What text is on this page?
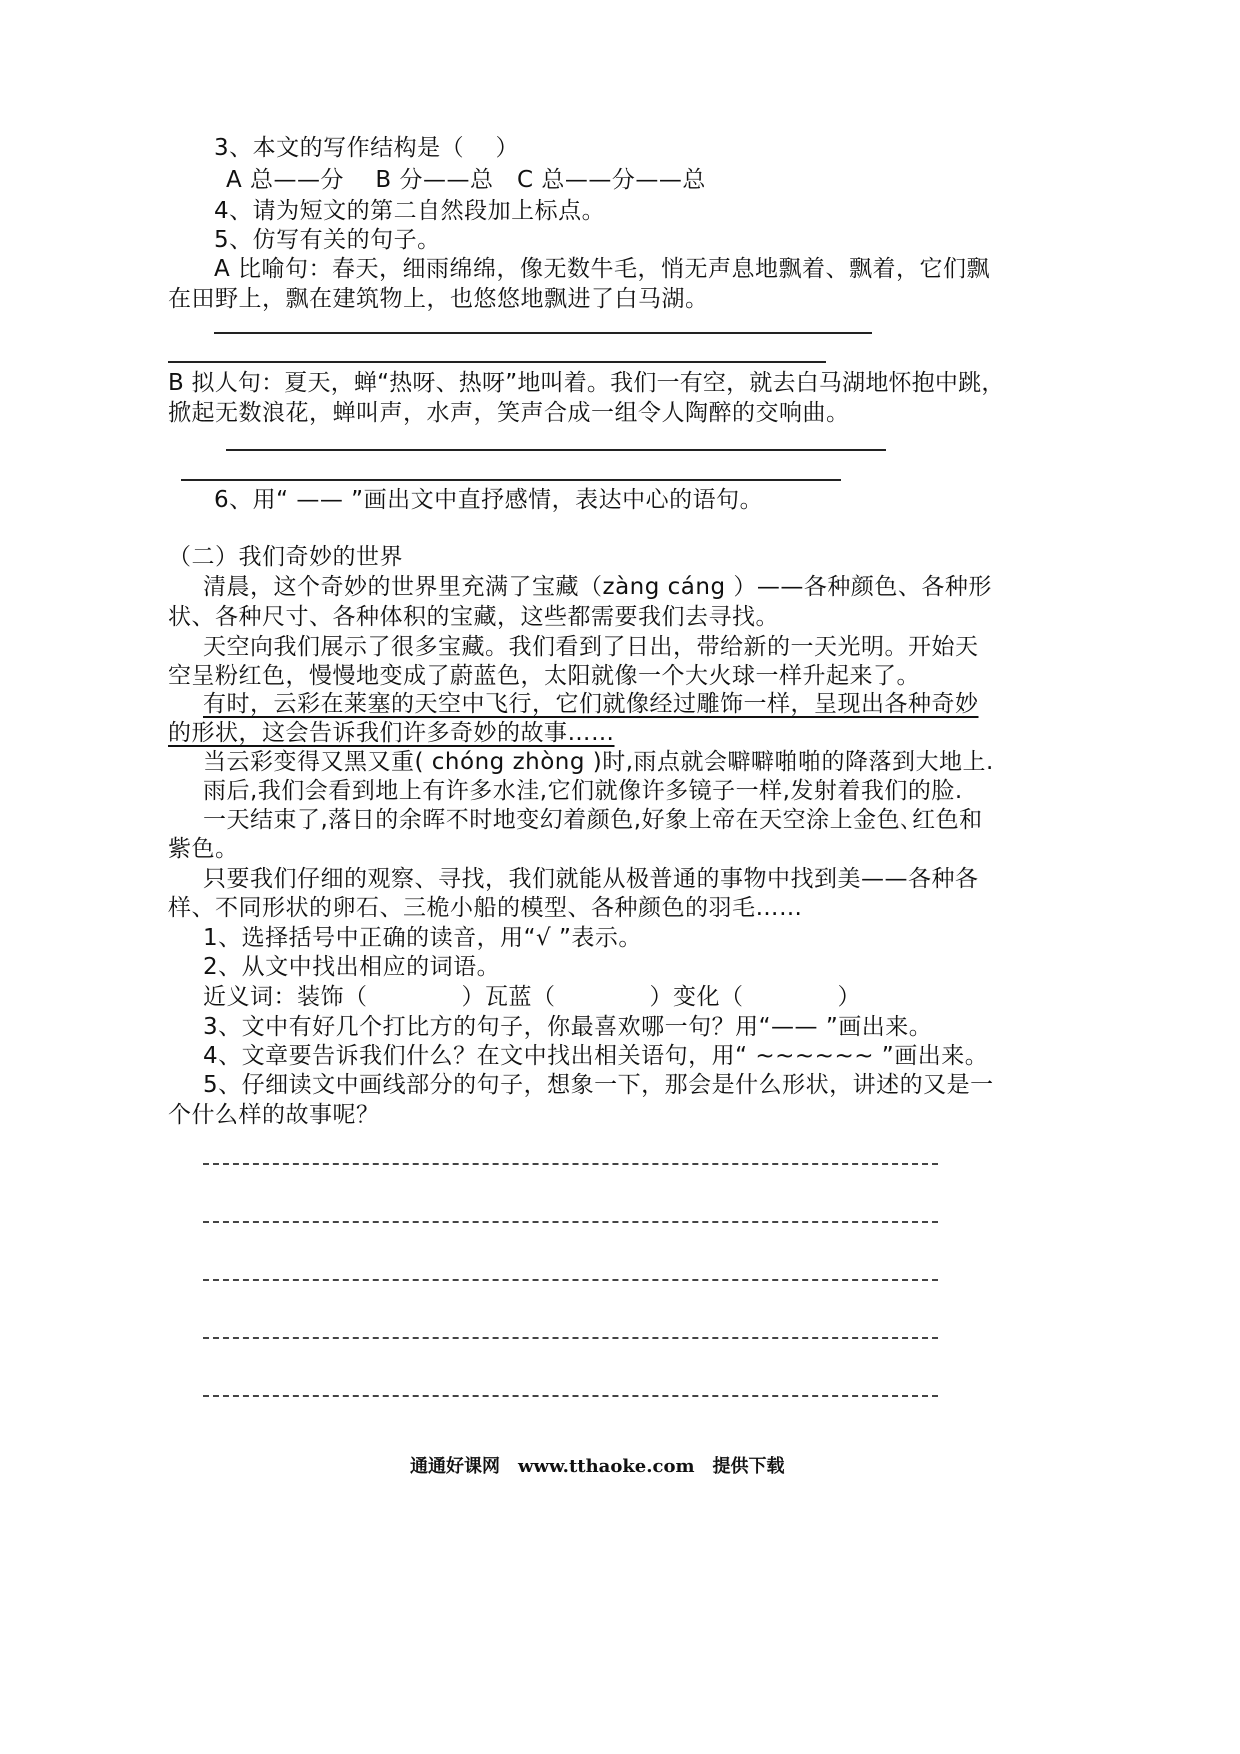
3、本文的写作结构是（　 ）
A 总——分　 B 分——总　C 总——分——总
4、请为短文的第二自然段加上标点。
5、仿写有关的句子。
A 比喻句：春天，细雨绵绵，像无数牛毛，悄无声息地飘着、飘着，它们飘
在田野上，飘在建筑物上，也悠悠地飘进了白马湖。
B 拟人句：夏天，蝉“热呀、热呀”地叫着。我们一有空，就去白马湖地怀抱中跳，
掀起无数浪花，蝉叫声，水声，笑声合成一组令人陶醉的交响曲。
6、用“ —— ”画出文中直抒感情，表达中心的语句。
（二）我们奇妙的世界
清晨，这个奇妙的世界里充满了宝藏（zàng cáng ）——各种颜色、各种形
状、各种尺寸、各种体积的宝藏，这些都需要我们去寻找。
天空向我们展示了很多宝藏。我们看到了日出，带给新的一天光明。开始天
空呈粉红色，慢慢地变成了蔚蓝色，太阳就像一个大火球一样升起来了。
有时，云彩在莱塞的天空中飞行，它们就像经过雕饰一样，呈现出各种奇妙
的形状，这会告诉我们许多奇妙的故事……
当云彩变得又黑又重( chóng zhòng )时,雨点就会噼噼啪啪的降落到大地上.
雨后,我们会看到地上有许多水洼,它们就像许多镜子一样,发射着我们的脸.
一天结束了,落日的余晖不时地变幻着颜色,好象上帝在天空涂上金色､红色和
紫色。
只要我们仔细的观察、寻找，我们就能从极普通的事物中找到美——各种各
样、不同形状的卵石、三桅小船的模型、各种颜色的羽毛……
1、选择括号中正确的读音，用“√ ”表示。
2、从文中找出相应的词语。
近义词：装饰（　　　　）瓦蓝（　　　　）变化（　　　　）
3、文中有好几个打比方的句子，你最喜欢哪一句？用“—— ”画出来。
4、文章要告诉我们什么？在文中找出相关语句，用“ ~~~~~~ ”画出来。
5、仔细读文中画线部分的句子，想象一下，那会是什么形状，讲述的又是一
个什么样的故事呢？
通通好课网　www.tthaoke.com　提供下载
